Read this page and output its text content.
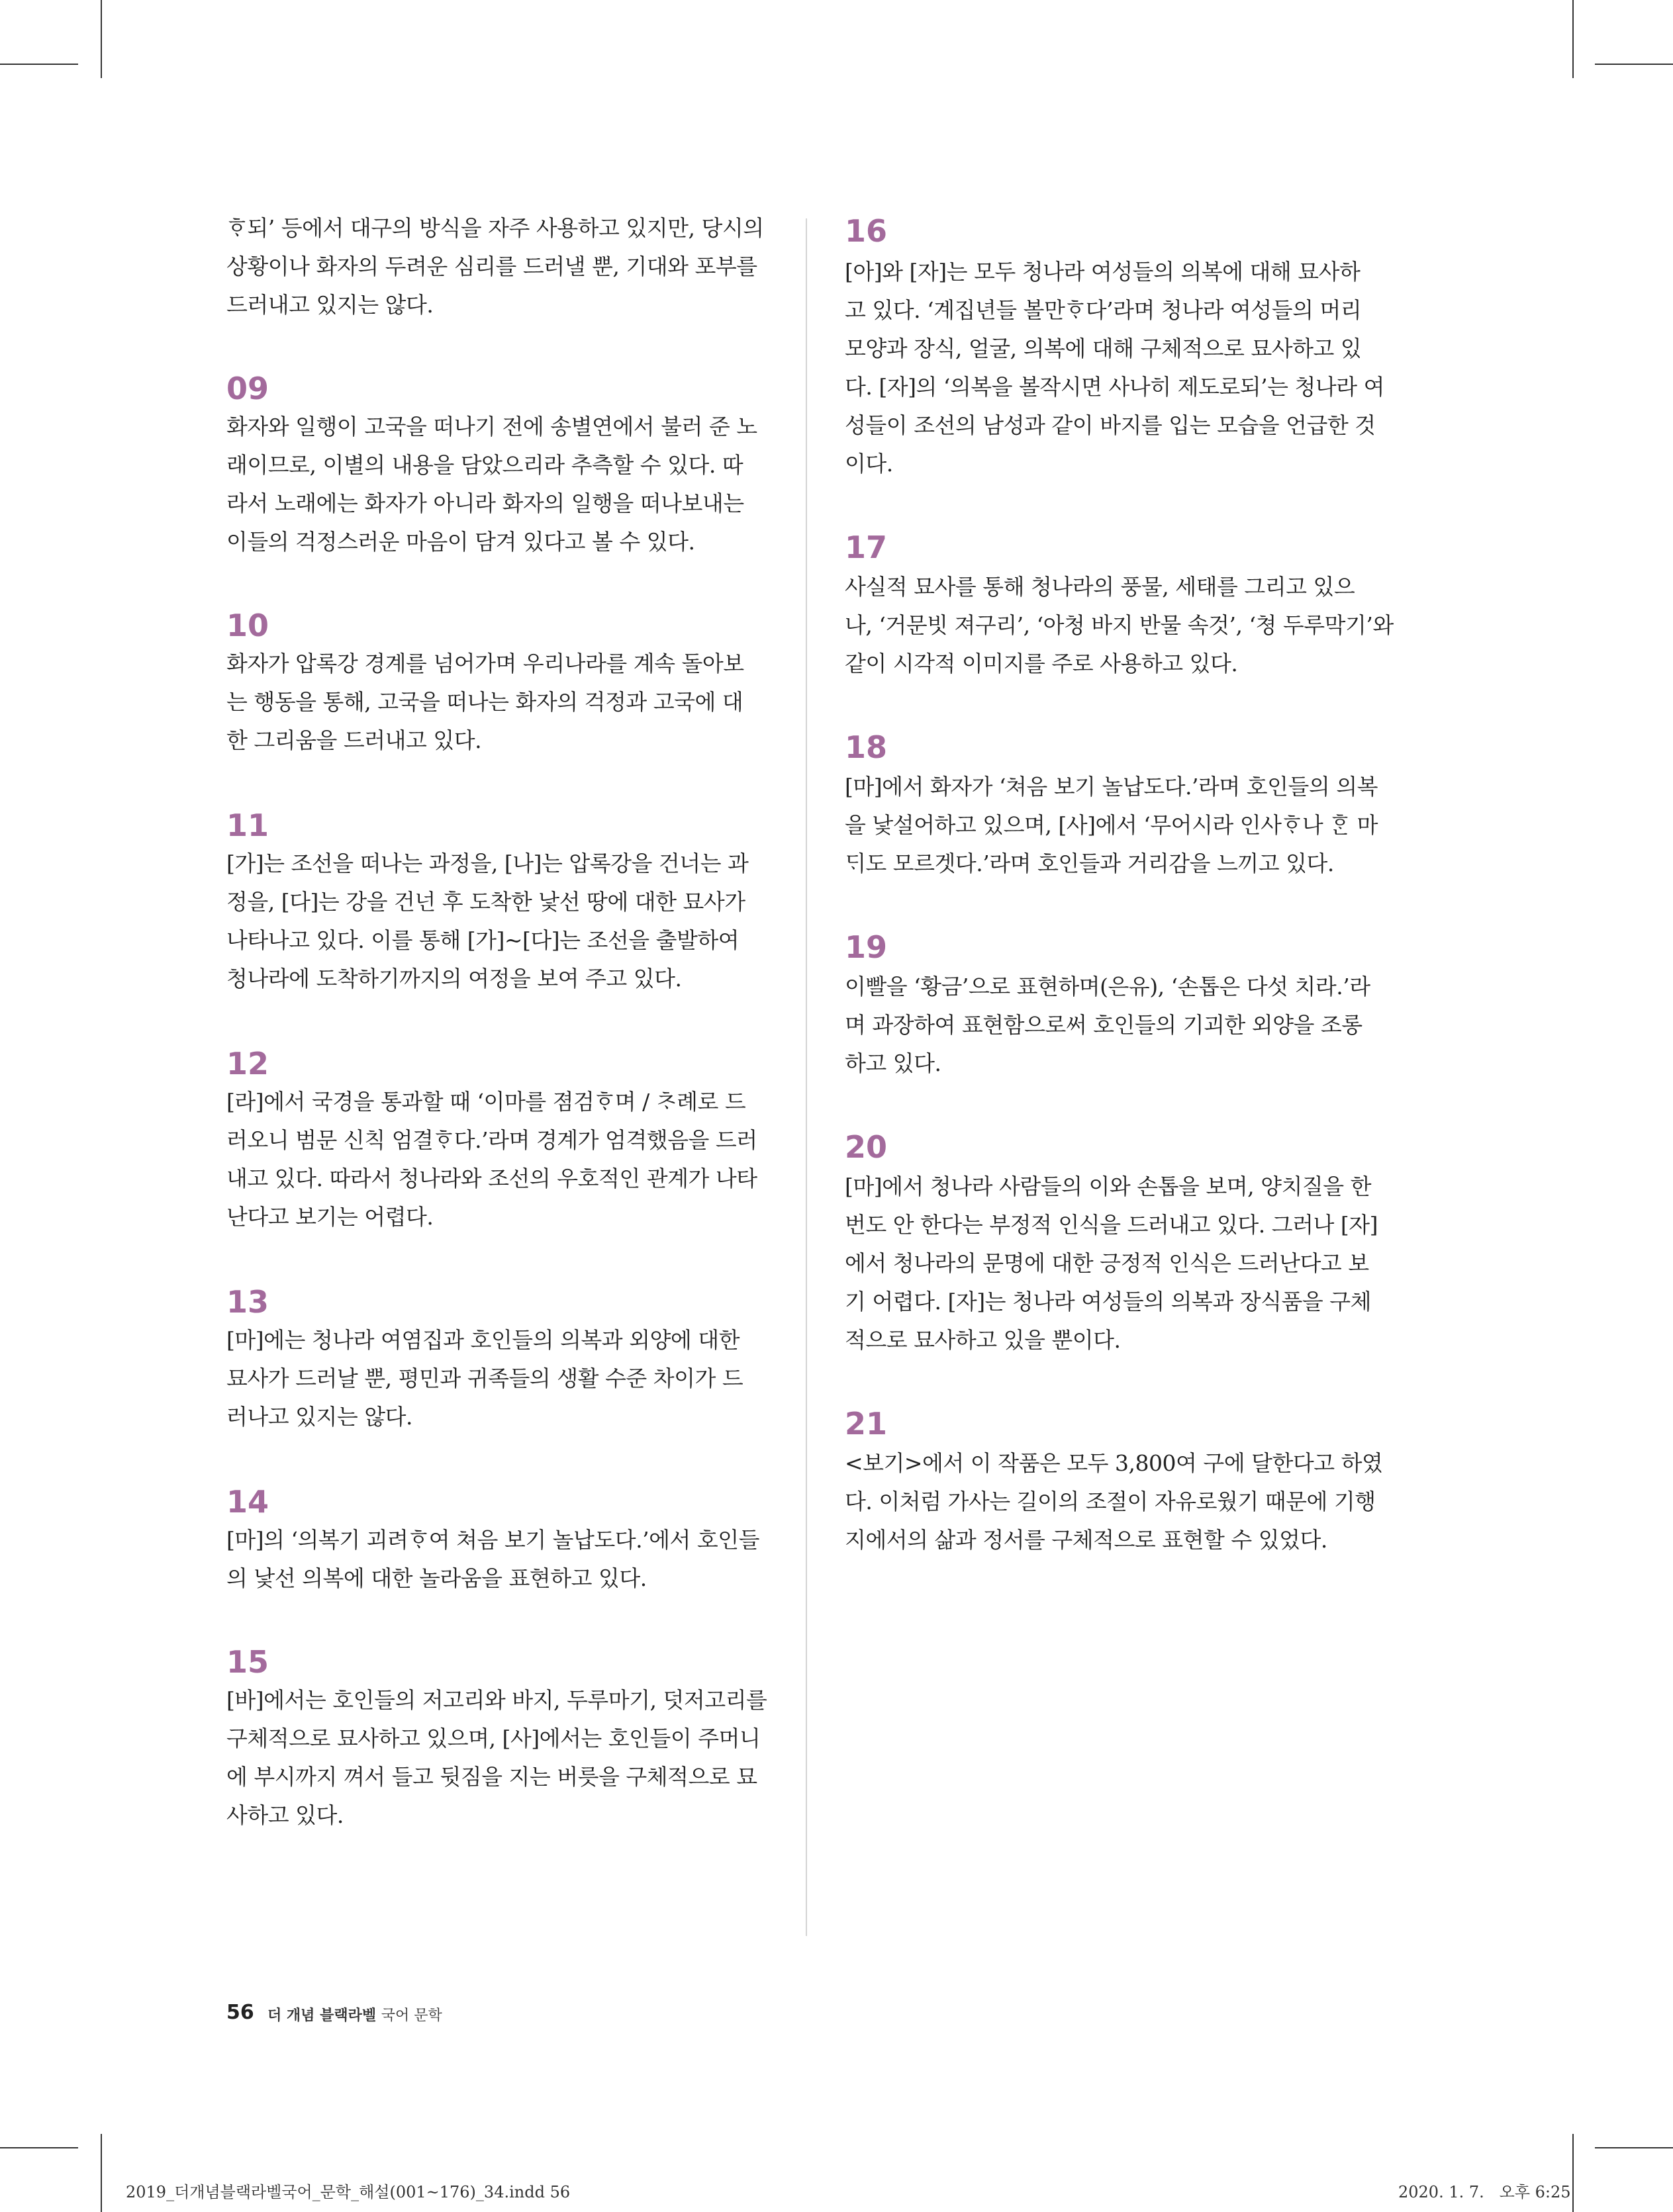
ᄒᆞ되’ 등에서 대구의 방식을 자주 사용하고 있지만, 당시의
상황이나 화자의 두려운 심리를 드러낼 뿐, 기대와 포부를
드러내고 있지는 않다.
09
화자와 일행이 고국을 떠나기 전에 송별연에서 불러 준 노
래이므로, 이별의 내용을 담았으리라 추측할 수 있다. 따
라서 노래에는 화자가 아니라 화자의 일행을 떠나보내는
이들의 걱정스러운 마음이 담겨 있다고 볼 수 있다.
10
화자가 압록강 경계를 넘어가며 우리나라를 계속 돌아보
는 행동을 통해, 고국을 떠나는 화자의 걱정과 고국에 대
한 그리움을 드러내고 있다.
11
[가]는 조선을 떠나는 과정을, [나]는 압록강을 건너는 과
정을, [다]는 강을 건넌 후 도착한 낯선 땅에 대한 묘사가
나타나고 있다. 이를 통해 [가]~[다]는 조선을 출발하여
청나라에 도착하기까지의 여정을 보여 주고 있다.
12
[라]에서 국경을 통과할 때 ‘이마를 졈검ᄒᆞ며 / ᄎᆞ례로 드
러오니 범문 신칙 엄결ᄒᆞ다.’라며 경계가 엄격했음을 드러
내고 있다. 따라서 청나라와 조선의 우호적인 관계가 나타
난다고 보기는 어렵다.
13
[마]에는 청나라 여염집과 호인들의 의복과 외양에 대한
묘사가 드러날 뿐, 평민과 귀족들의 생활 수준 차이가 드
러나고 있지는 않다.
14
[마]의 ‘의복기 괴려ᄒᆞ여 쳐음 보기 놀납도다.’에서 호인들
의 낯선 의복에 대한 놀라움을 표현하고 있다.
15
[바]에서는 호인들의 저고리와 바지, 두루마기, 덧저고리를
구체적으로 묘사하고 있으며, [사]에서는 호인들이 주머니
에 부시까지 껴서 들고 뒷짐을 지는 버릇을 구체적으로 묘
사하고 있다.
16
[아]와 [자]는 모두 청나라 여성들의 의복에 대해 묘사하
고 있다. ‘계집년들 볼만ᄒᆞ다’라며 청나라 여성들의 머리
모양과 장식, 얼굴, 의복에 대해 구체적으로 묘사하고 있
다. [자]의 ‘의복을 볼작시면 사나히 제도로되’는 청나라 여
성들이 조선의 남성과 같이 바지를 입는 모습을 언급한 것
이다.
17
사실적 묘사를 통해 청나라의 풍물, 세태를 그리고 있으
나, ‘거문빗 져구리’, ‘아청 바지 반물 속것’, ‘쳥 두루막기’와
같이 시각적 이미지를 주로 사용하고 있다.
18
[마]에서 화자가 ‘쳐음 보기 놀납도다.’라며 호인들의 의복
을 낯설어하고 있으며, [사]에서 ‘무어시라 인사ᄒᆞ나 ᄒᆞᆫ 마
ᄃᆡ도 모르겟다.’라며 호인들과 거리감을 느끼고 있다.
19
이빨을 ‘황금’으로 표현하며(은유), ‘손톱은 다섯 치라.’라
며 과장하여 표현함으로써 호인들의 기괴한 외양을 조롱
하고 있다.
20
[마]에서 청나라 사람들의 이와 손톱을 보며, 양치질을 한
번도 안 한다는 부정적 인식을 드러내고 있다. 그러나 [자]
에서 청나라의 문명에 대한 긍정적 인식은 드러난다고 보
기 어렵다. [자]는 청나라 여성들의 의복과 장식품을 구체
적으로 묘사하고 있을 뿐이다.
21
<보기>에서 이 작품은 모두 3,800여 구에 달한다고 하였
다. 이처럼 가사는 길이의 조절이 자유로웠기 때문에 기행
지에서의 삶과 정서를 구체적으로 표현할 수 있었다.
56 더 개념 블랙라벨 국어 문학
2019_더개념블랙라벨국어_문학_해설(001~176)_34.indd 56	2020. 1. 7.   오후 6:25
